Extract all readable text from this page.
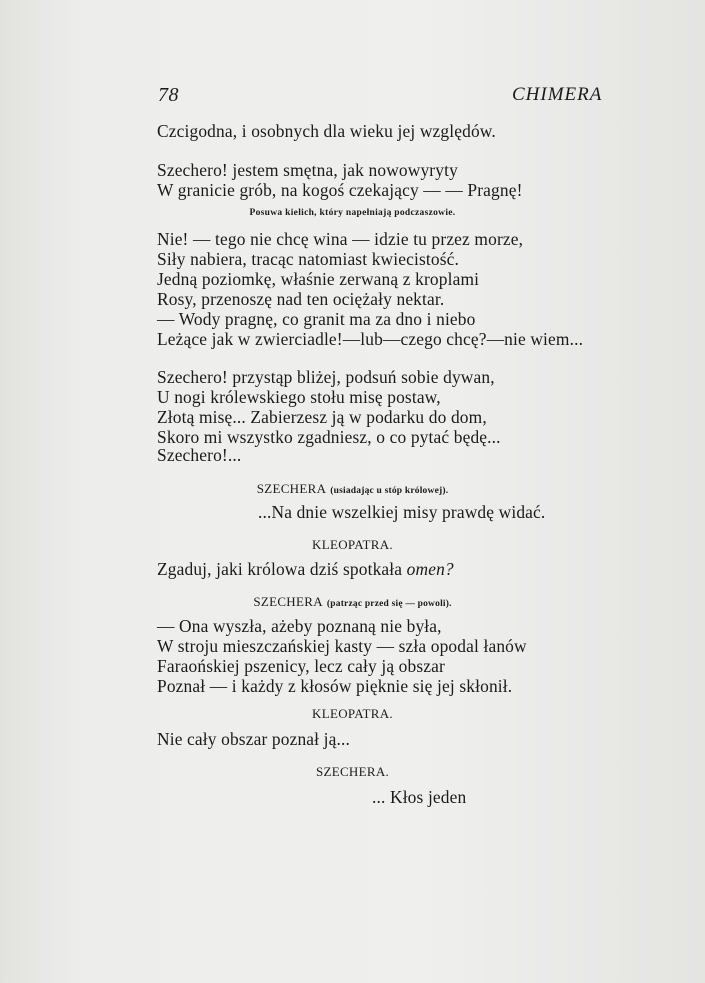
78	CHIMERA
Czcigodna, i osobnych dla wieku jej względów.
Szechero! jestem smętna, jak nowowyryty
W granicie grób, na kogoś czekający — — Pragnę!
Posuwa kielich, który napełniają podczaszowie.
Nie! — tego nie chcę wina — idzie tu przez morze,
Siły nabiera, tracąc natomiast kwiecistość.
Jedną poziomkę, właśnie zerwaną z kroplami
Rosy, przenoszę nad ten ociężały nektar.
— Wody pragnę, co granit ma za dno i niebo
Leżące jak w zwierciadle!—lub—czego chcę?—nie wiem...
Szechero! przystąp bliżej, podsuń sobie dywan,
U nogi królewskiego stołu misę postaw,
Złotą misę... Zabierzesz ją w podarku do dom,
Skoro mi wszystko zgadniesz, o co pytać będę...
Szechero!...
SZECHERA (usiadając u stóp królowej).
...Na dnie wszelkiej misy prawdę widać.
KLEOPATRA.
Zgaduj, jaki królowa dziś spotkała omen?
SZECHERA (patrząc przed się — powoli).
— Ona wyszła, ażeby poznaną nie była,
W stroju mieszczańskiej kasty — szła opodal łanów
Faraońskiej pszenicy, lecz cały ją obszar
Poznał — i każdy z kłosów pięknie się jej skłonił.
KLEOPATRA.
Nie cały obszar poznał ją...
SZECHERA.
... Kłos jeden
